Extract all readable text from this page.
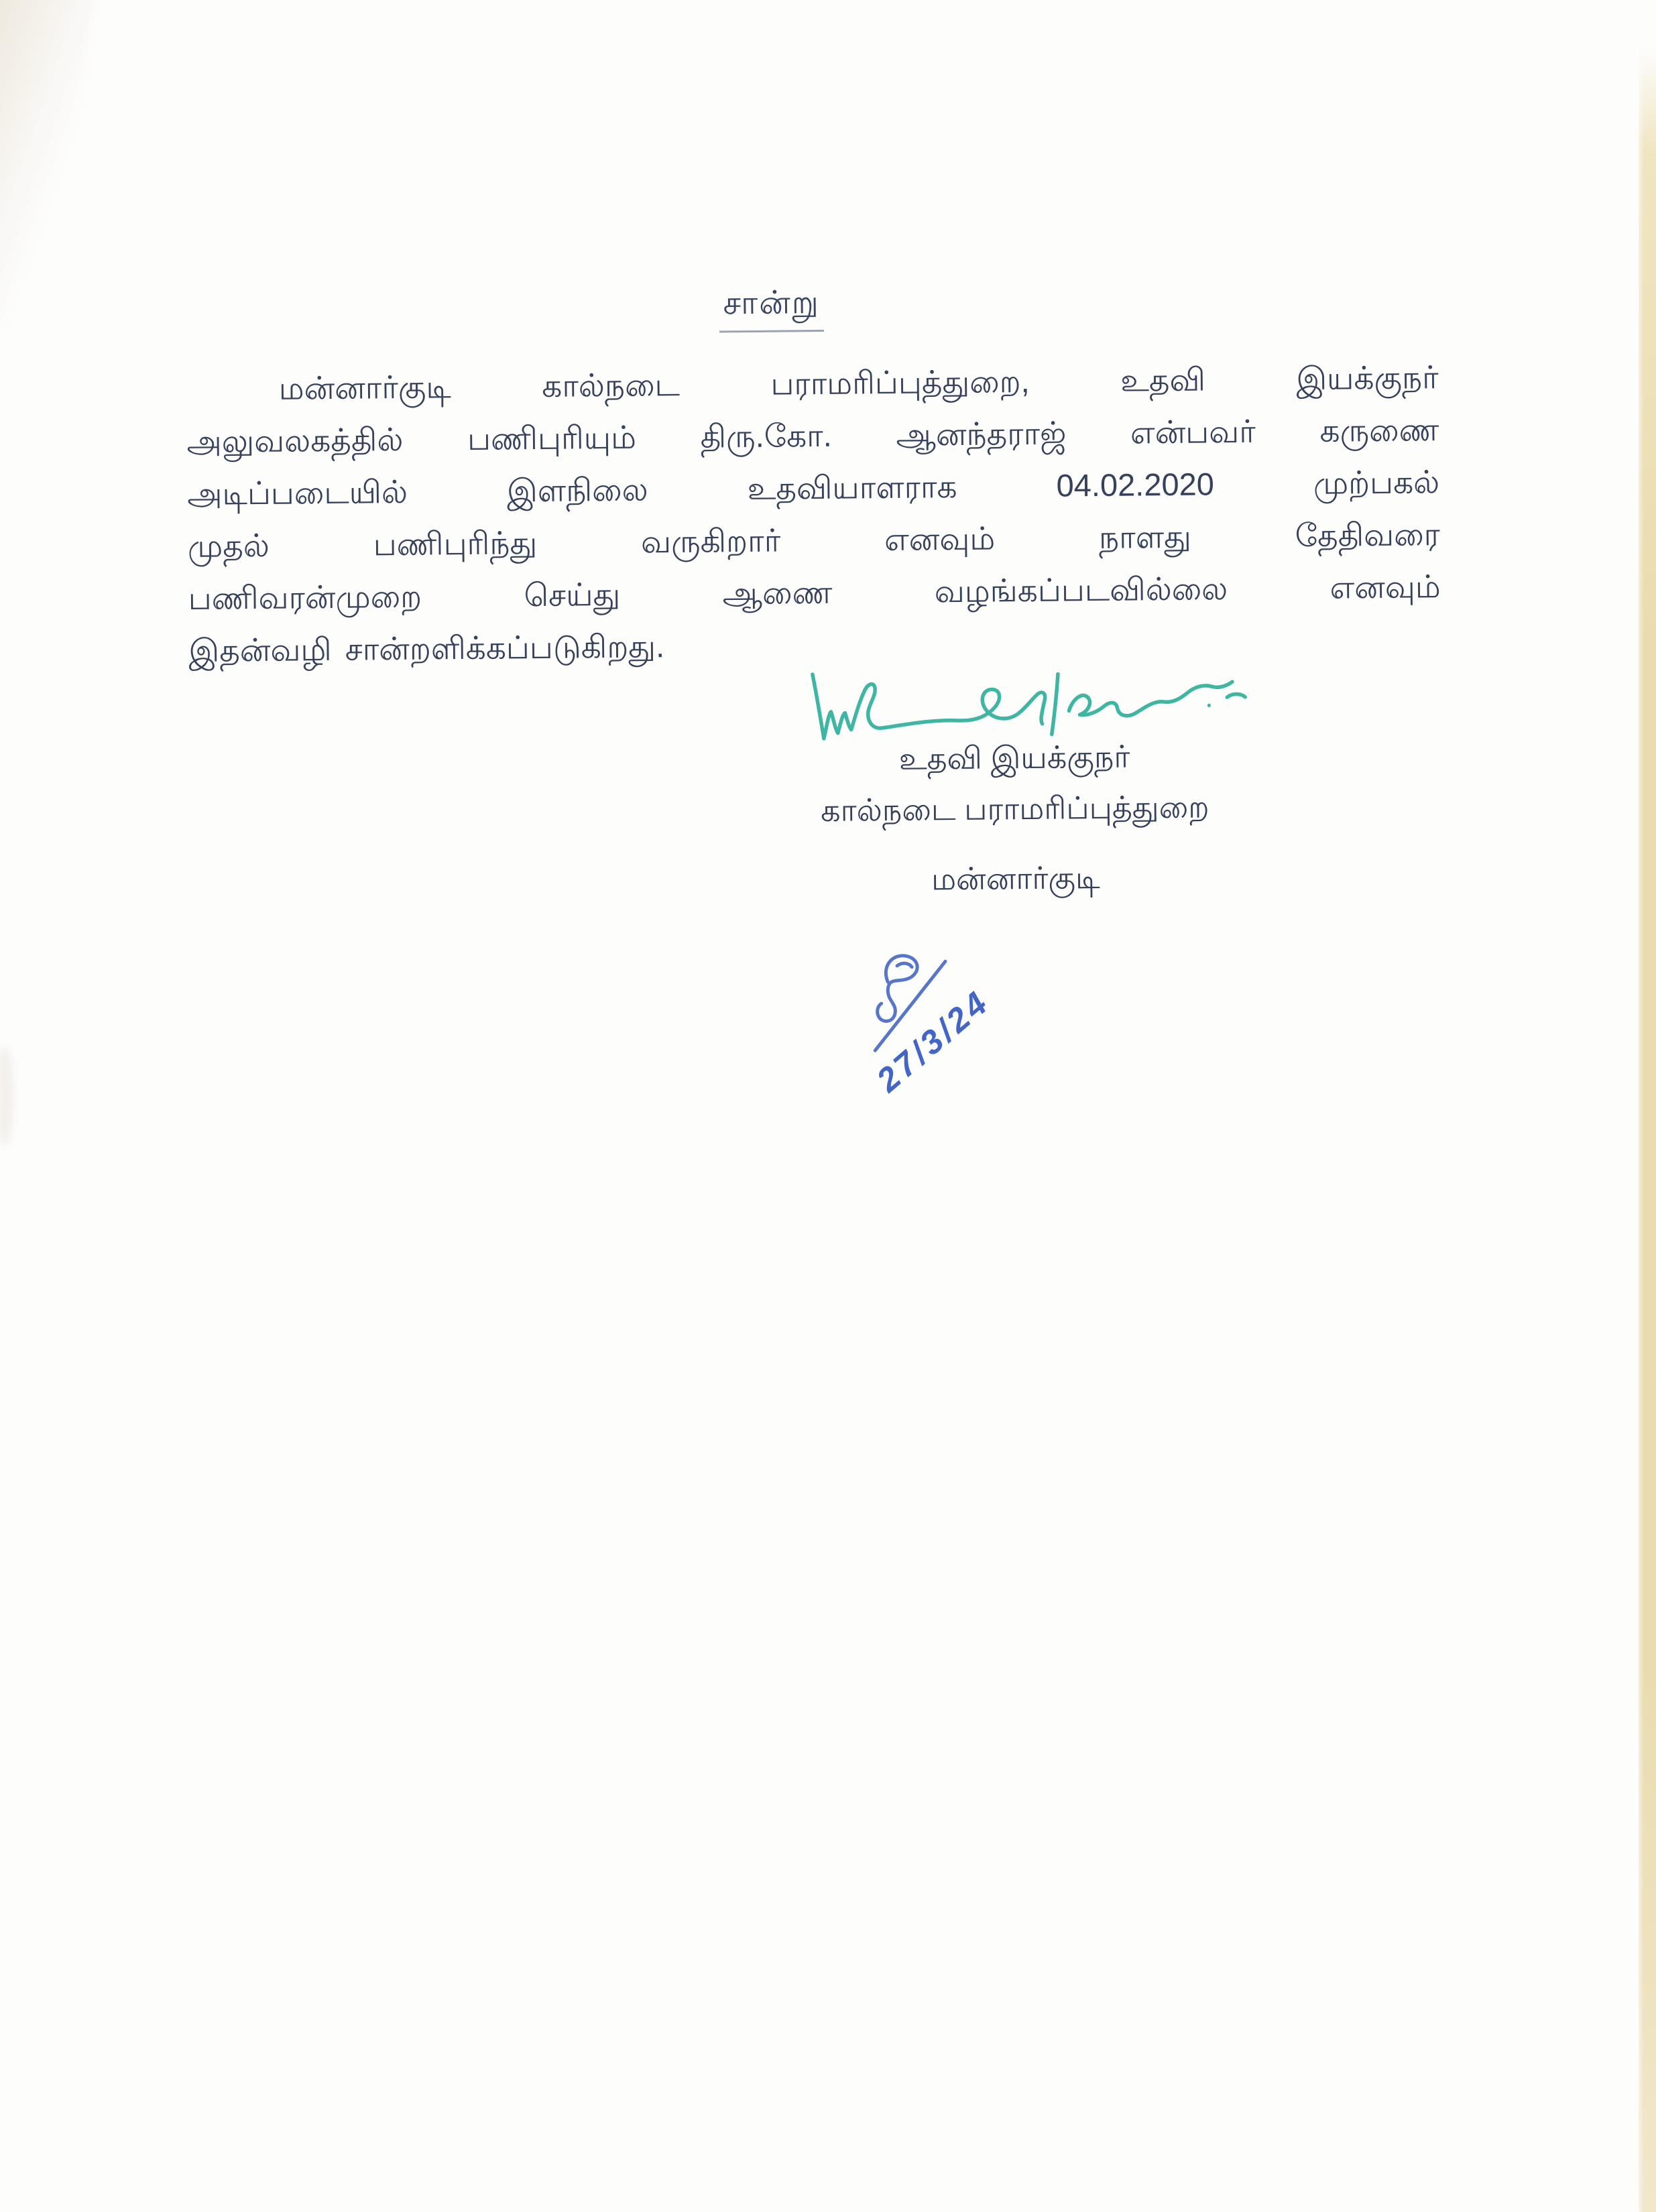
சான்று
மன்னார்குடி	கால்நடை	பராமரிப்புத்துறை,	உதவி	இயக்குநர்
அலுவலகத்தில் பணிபுரியும் திரு.கோ. ஆனந்தராஜ் என்பவர் கருணை
அடிப்படையில்	இளநிலை	உதவியாளராக	04.02.2020	முற்பகல்
முதல்	பணிபுரிந்து	வருகிறார்	எனவும்	நாளது	தேதிவரை
பணிவரன்முறை	செய்து	ஆணை	வழங்கப்படவில்லை	எனவும்
இதன்வழி சான்றளிக்கப்படுகிறது.
உதவி இயக்குநர்
கால்நடை பராமரிப்புத்துறை
மன்னார்குடி
27/3/24
